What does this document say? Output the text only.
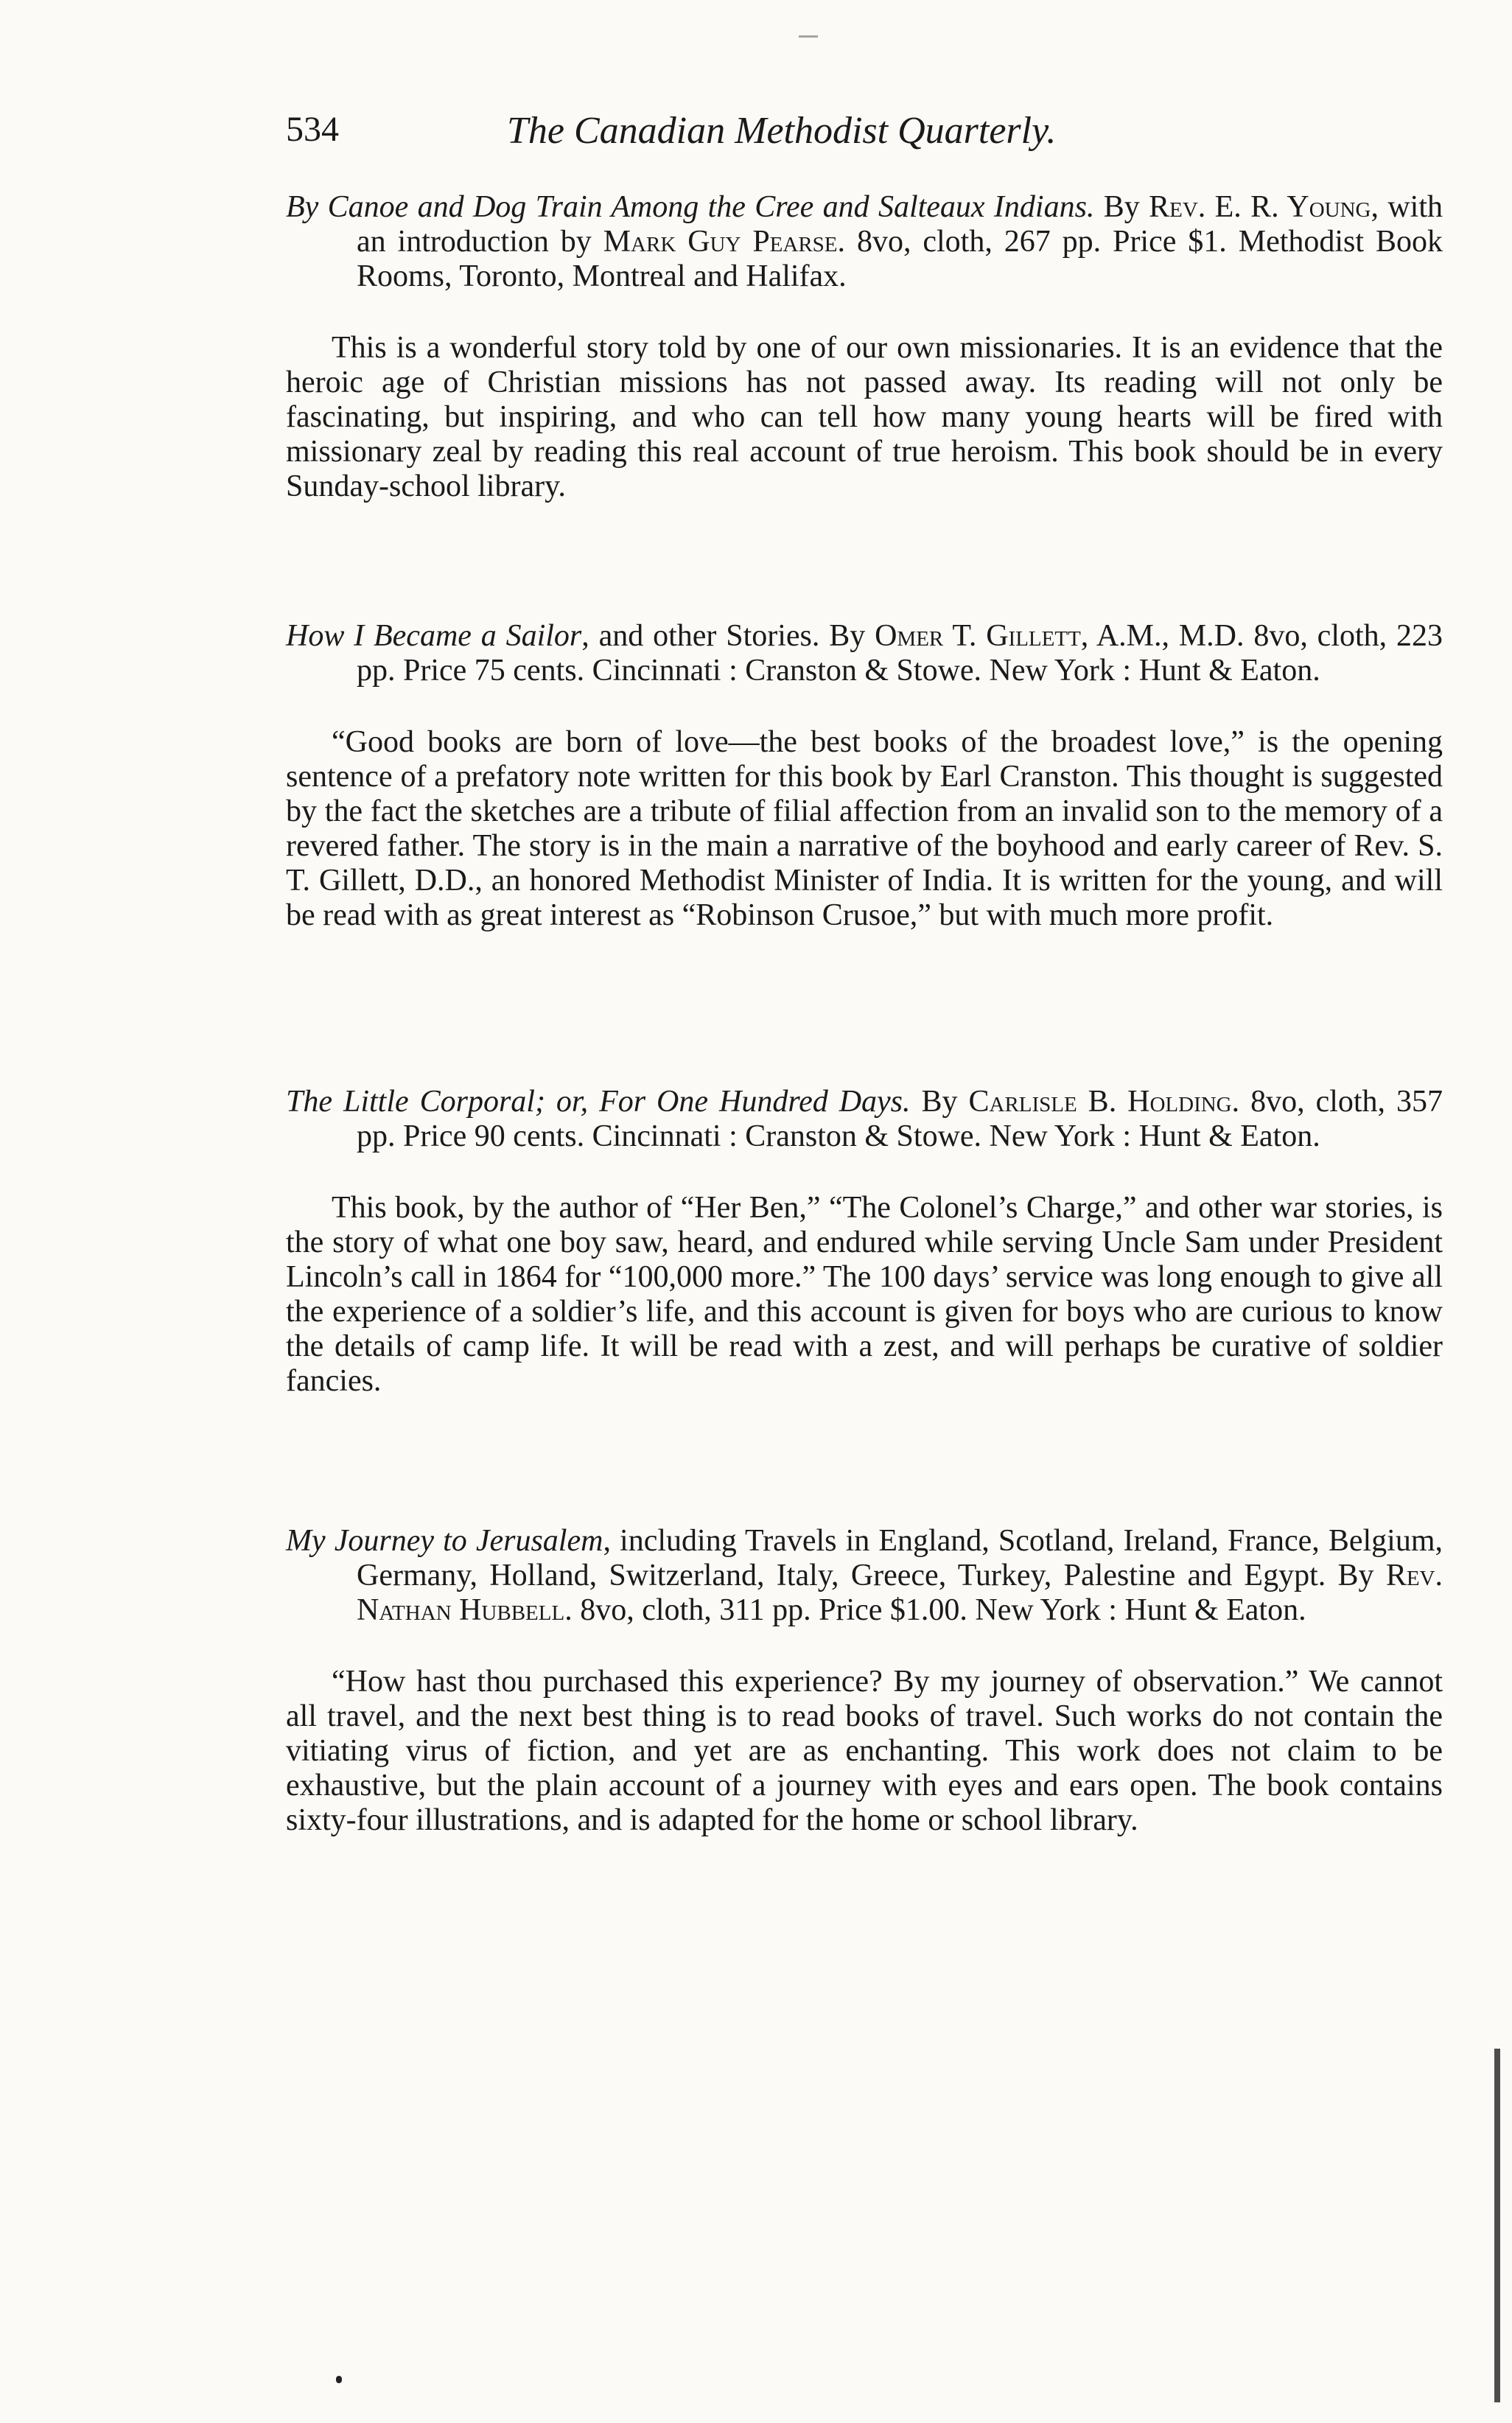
534	The Canadian Methodist Quarterly.
By Canoe and Dog Train Among the Cree and Salteaux Indians. By Rev. E. R. Young, with an introduction by Mark Guy Pearse. 8vo, cloth, 267 pp. Price $1. Methodist Book Rooms, Toronto, Montreal and Halifax.
This is a wonderful story told by one of our own missionaries. It is an evidence that the heroic age of Christian missions has not passed away. Its reading will not only be fascinating, but inspiring, and who can tell how many young hearts will be fired with missionary zeal by reading this real account of true heroism. This book should be in every Sunday-school library.
How I Became a Sailor, and other Stories. By Omer T. Gillett, A.M., M.D. 8vo, cloth, 223 pp. Price 75 cents. Cincinnati : Cranston & Stowe. New York : Hunt & Eaton.
“Good books are born of love—the best books of the broadest love,” is the opening sentence of a prefatory note written for this book by Earl Cranston. This thought is suggested by the fact the sketches are a tribute of filial affection from an invalid son to the memory of a revered father. The story is in the main a narrative of the boyhood and early career of Rev. S. T. Gillett, D.D., an honored Methodist Minister of India. It is written for the young, and will be read with as great interest as “Robinson Crusoe,” but with much more profit.
The Little Corporal; or, For One Hundred Days. By Carlisle B. Holding. 8vo, cloth, 357 pp. Price 90 cents. Cincinnati : Cranston & Stowe. New York : Hunt & Eaton.
This book, by the author of “Her Ben,” “The Colonel’s Charge,” and other war stories, is the story of what one boy saw, heard, and endured while serving Uncle Sam under President Lincoln’s call in 1864 for “100,000 more.” The 100 days’ service was long enough to give all the experience of a soldier’s life, and this account is given for boys who are curious to know the details of camp life. It will be read with a zest, and will perhaps be curative of soldier fancies.
My Journey to Jerusalem, including Travels in England, Scotland, Ireland, France, Belgium, Germany, Holland, Switzerland, Italy, Greece, Turkey, Palestine and Egypt. By Rev. Nathan Hubbell. 8vo, cloth, 311 pp. Price $1.00. New York : Hunt & Eaton.
“How hast thou purchased this experience? By my journey of observation.” We cannot all travel, and the next best thing is to read books of travel. Such works do not contain the vitiating virus of fiction, and yet are as enchanting. This work does not claim to be exhaustive, but the plain account of a journey with eyes and ears open. The book contains sixty-four illustrations, and is adapted for the home or school library.
